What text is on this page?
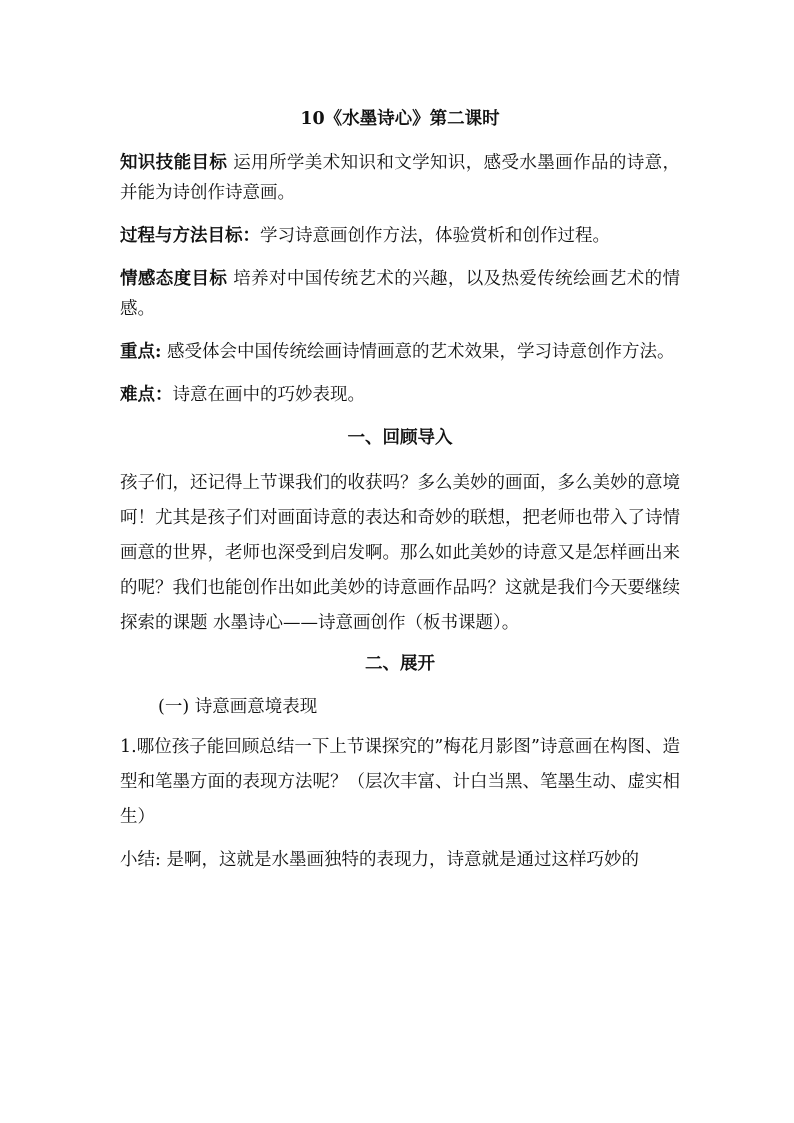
10《水墨诗心》第二课时

知识技能目标 运用所学美术知识和文学知识，感受水墨画作品的诗意，并能为诗创作诗意画。

过程与方法目标：学习诗意画创作方法，体验赏析和创作过程。

情感态度目标 培养对中国传统艺术的兴趣，以及热爱传统绘画艺术的情感。

重点: 感受体会中国传统绘画诗情画意的艺术效果，学习诗意创作方法。

难点：诗意在画中的巧妙表现。

一、回顾导入

孩子们，还记得上节课我们的收获吗？多么美妙的画面，多么美妙的意境呵！尤其是孩子们对画面诗意的表达和奇妙的联想，把老师也带入了诗情画意的世界，老师也深受到启发啊。那么如此美妙的诗意又是怎样画出来的呢？我们也能创作出如此美妙的诗意画作品吗？这就是我们今天要继续探索的课题 水墨诗心——诗意画创作（板书课题）。

二、展开
(一) 诗意画意境表现

1.哪位孩子能回顾总结一下上节课探究的”梅花月影图”诗意画在构图、造型和笔墨方面的表现方法呢？（层次丰富、计白当黑、笔墨生动、虚实相生）

小结: 是啊，这就是水墨画独特的表现力，诗意就是通过这样巧妙的
